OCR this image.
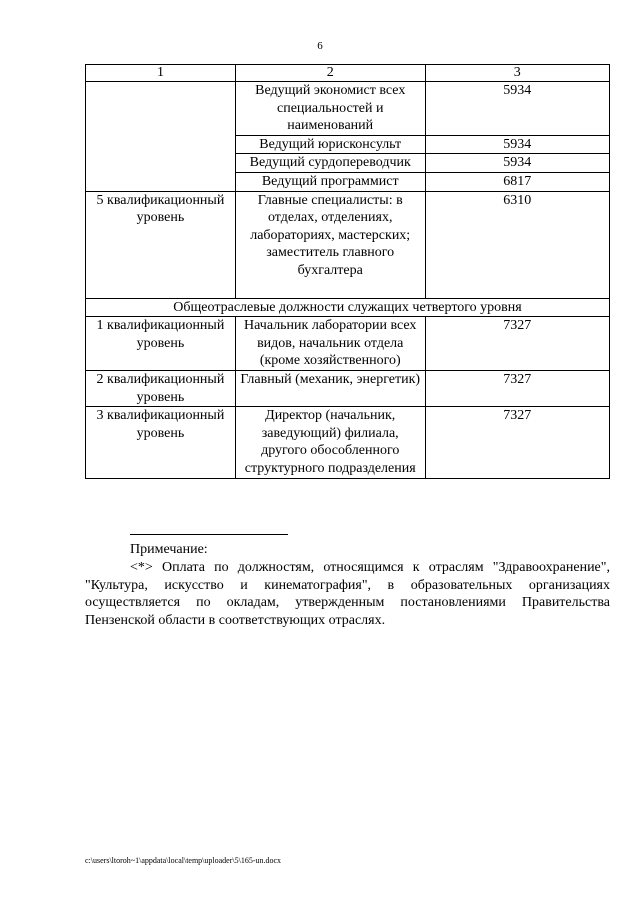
6
1	2	3
	Ведущий экономист всех специальностей и наименований	5934
	Ведущий юрисконсульт	5934
	Ведущий сурдопереводчик	5934
	Ведущий программист	6817
5 квалификационный уровень	Главные специалисты: в отделах, отделениях, лабораториях, мастерских; заместитель главного бухгалтера	6310
Общеотраслевые должности служащих четвертого уровня		
1 квалификационный уровень	Начальник лаборатории всех видов, начальник отдела (кроме хозяйственного)	7327
2 квалификационный уровень	Главный (механик, энергетик)	7327
3 квалификационный уровень	Директор (начальник, заведующий) филиала, другого обособленного структурного подразделения	7327
Примечание:
<*> Оплата по должностям, относящимся к отраслям "Здравоохранение", "Культура, искусство и кинематография", в образовательных организациях осуществляется по окладам, утвержденным постановлениями Правительства Пензенской области в соответствующих отраслях.
c:\users\ltoroh~1\appdata\local\temp\uploader\5\165-un.docx
